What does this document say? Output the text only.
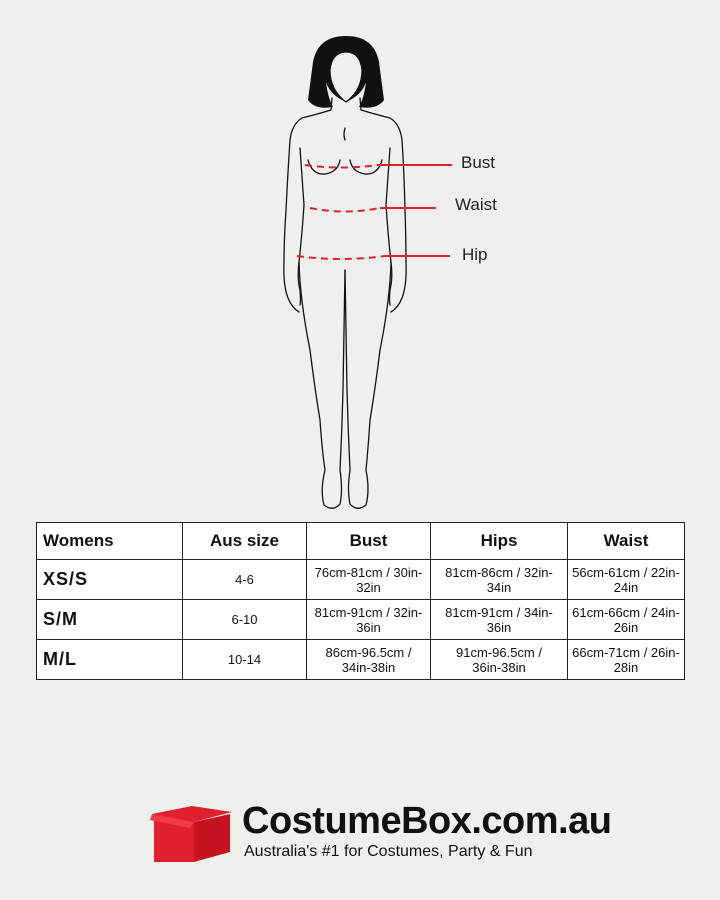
Bust
Waist
Hip
Womens	Aus size	Bust	Hips	Waist
XS/S	4-6	76cm-81cm / 30in-32in	81cm-86cm / 32in-34in	56cm-61cm / 22in-24in
S/M	6-10	81cm-91cm / 32in-36in	81cm-91cm / 34in-36in	61cm-66cm / 24in-26in
M/L	10-14	86cm-96.5cm / 34in-38in	91cm-96.5cm / 36in-38in	66cm-71cm / 26in-28in
CostumeBox.com.au
Australia's #1 for Costumes, Party & Fun
